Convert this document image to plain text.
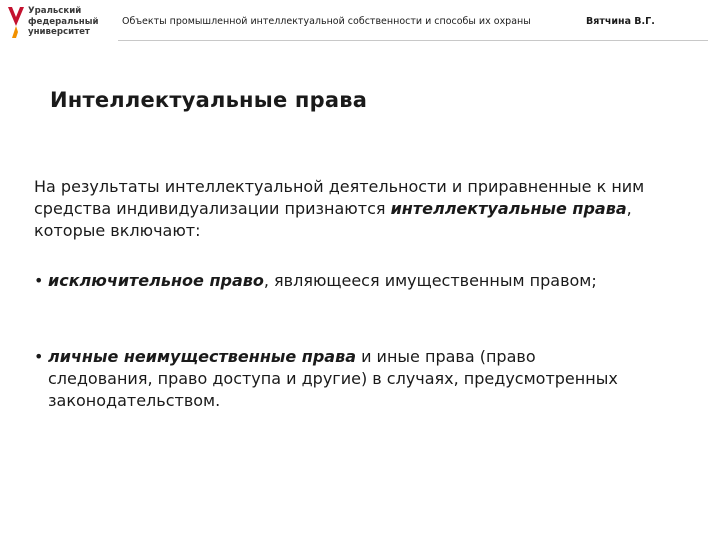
Уральский
федеральный
университет
Объекты промышленной интеллектуальной собственности и способы их охраны	Вятчина В.Г.
Интеллектуальные права

На результаты интеллектуальной деятельности и приравненные к ним средства индивидуализации признаются интеллектуальные права, которые включают:

• исключительное право, являющееся имущественным правом;
• личные неимущественные права и иные права (право следования, право доступа и другие) в случаях, предусмотренных законодательством.
